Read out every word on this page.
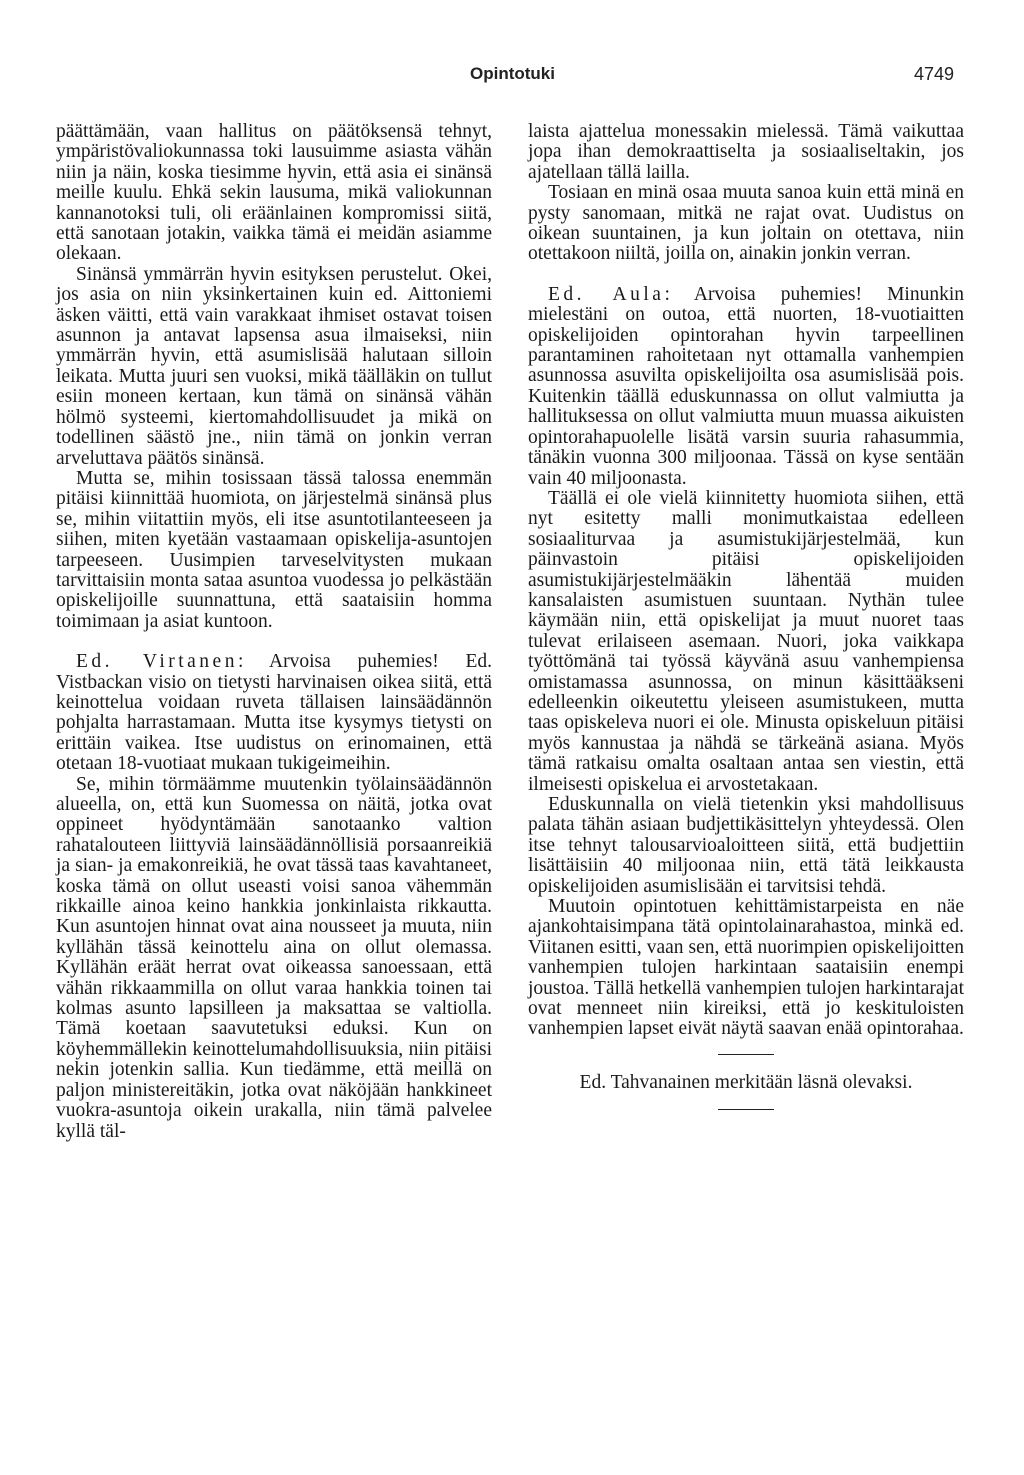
Opintotuki	4749

päättämään, vaan hallitus on päätöksensä tehnyt, ympäristövaliokunnassa toki lausuimme asiasta vähän niin ja näin, koska tiesimme hyvin, että asia ei sinänsä meille kuulu. Ehkä sekin lausuma, mikä valiokunnan kannanotoksi tuli, oli eräänlainen kompromissi siitä, että sanotaan jotakin, vaikka tämä ei meidän asiamme olekaan.

Sinänsä ymmärrän hyvin esityksen perustelut. Okei, jos asia on niin yksinkertainen kuin ed. Aittoniemi äsken väitti, että vain varakkaat ihmiset ostavat toisen asunnon ja antavat lapsensa asua ilmaiseksi, niin ymmärrän hyvin, että asumislisää halutaan silloin leikata. Mutta juuri sen vuoksi, mikä täälläkin on tullut esiin moneen kertaan, kun tämä on sinänsä vähän hölmö systeemi, kiertomahdollisuudet ja mikä on todellinen säästö jne., niin tämä on jonkin verran arveluttava päätös sinänsä.

Mutta se, mihin tosissaan tässä talossa enemmän pitäisi kiinnittää huomiota, on järjestelmä sinänsä plus se, mihin viitattiin myös, eli itse asuntotilanteeseen ja siihen, miten kyetään vastaamaan opiskelija-asuntojen tarpeeseen. Uusimpien tarveselvitysten mukaan tarvittaisiin monta sataa asuntoa vuodessa jo pelkästään opiskelijoille suunnattuna, että saataisiin homma toimimaan ja asiat kuntoon.

Ed. Virtanen: Arvoisa puhemies! Ed. Vistbackan visio on tietysti harvinaisen oikea siitä, että keinottelua voidaan ruveta tällaisen lainsäädännön pohjalta harrastamaan. Mutta itse kysymys tietysti on erittäin vaikea. Itse uudistus on erinomainen, että otetaan 18-vuotiaat mukaan tukigeimeihin.

Se, mihin törmäämme muutenkin työlainsäädännön alueella, on, että kun Suomessa on näitä, jotka ovat oppineet hyödyntämään sanotaanko valtion rahatalouteen liittyviä lainsäädännöllisiä porsaanreikiä ja sian- ja emakonreikiä, he ovat tässä taas kavahtaneet, koska tämä on ollut useasti voisi sanoa vähemmän rikkaille ainoa keino hankkia jonkinlaista rikkautta. Kun asuntojen hinnat ovat aina nousseet ja muuta, niin kyllähän tässä keinottelu aina on ollut olemassa. Kyllähän eräät herrat ovat oikeassa sanoessaan, että vähän rikkaammilla on ollut varaa hankkia toinen tai kolmas asunto lapsilleen ja maksattaa se valtiolla. Tämä koetaan saavutetuksi eduksi. Kun on köyhemmällekin keinottelumahdollisuuksia, niin pitäisi nekin jotenkin sallia. Kun tiedämme, että meillä on paljon ministereitäkin, jotka ovat näköjään hankkineet vuokra-asuntoja oikein urakalla, niin tämä palvelee kyllä täl-

laista ajattelua monessakin mielessä. Tämä vaikuttaa jopa ihan demokraattiselta ja sosiaaliseltakin, jos ajatellaan tällä lailla.

Tosiaan en minä osaa muuta sanoa kuin että minä en pysty sanomaan, mitkä ne rajat ovat. Uudistus on oikean suuntainen, ja kun joltain on otettava, niin otettakoon niiltä, joilla on, ainakin jonkin verran.

Ed. Aula: Arvoisa puhemies! Minunkin mielestäni on outoa, että nuorten, 18-vuotiaitten opiskelijoiden opintorahan hyvin tarpeellinen parantaminen rahoitetaan nyt ottamalla vanhempien asunnossa asuvilta opiskelijoilta osa asumislisää pois. Kuitenkin täällä eduskunnassa on ollut valmiutta ja hallituksessa on ollut valmiutta muun muassa aikuisten opintorahapuolelle lisätä varsin suuria rahasummia, tänäkin vuonna 300 miljoonaa. Tässä on kyse sentään vain 40 miljoonasta.

Täällä ei ole vielä kiinnitetty huomiota siihen, että nyt esitetty malli monimutkaistaa edelleen sosiaaliturvaa ja asumistukijärjestelmää, kun päinvastoin pitäisi opiskelijoiden asumistukijärjestelmääkin lähentää muiden kansalaisten asumistuen suuntaan. Nythän tulee käymään niin, että opiskelijat ja muut nuoret taas tulevat erilaiseen asemaan. Nuori, joka vaikkapa työttömänä tai työssä käyvänä asuu vanhempiensa omistamassa asunnossa, on minun käsittääkseni edelleenkin oikeutettu yleiseen asumistukeen, mutta taas opiskeleva nuori ei ole. Minusta opiskeluun pitäisi myös kannustaa ja nähdä se tärkeänä asiana. Myös tämä ratkaisu omalta osaltaan antaa sen viestin, että ilmeisesti opiskelua ei arvostetakaan.

Eduskunnalla on vielä tietenkin yksi mahdollisuus palata tähän asiaan budjettikäsittelyn yhteydessä. Olen itse tehnyt talousarvioaloitteen siitä, että budjettiin lisättäisiin 40 miljoonaa niin, että tätä leikkausta opiskelijoiden asumislisään ei tarvitsisi tehdä.

Muutoin opintotuen kehittämistarpeista en näe ajankohtaisimpana tätä opintolainarahastoa, minkä ed. Viitanen esitti, vaan sen, että nuorimpien opiskelijoitten vanhempien tulojen harkintaan saataisiin enempi joustoa. Tällä hetkellä vanhempien tulojen harkintarajat ovat menneet niin kireiksi, että jo keskituloisten vanhempien lapset eivät näytä saavan enää opintorahaa.

Ed. Tahvanainen merkitään läsnä olevaksi.
